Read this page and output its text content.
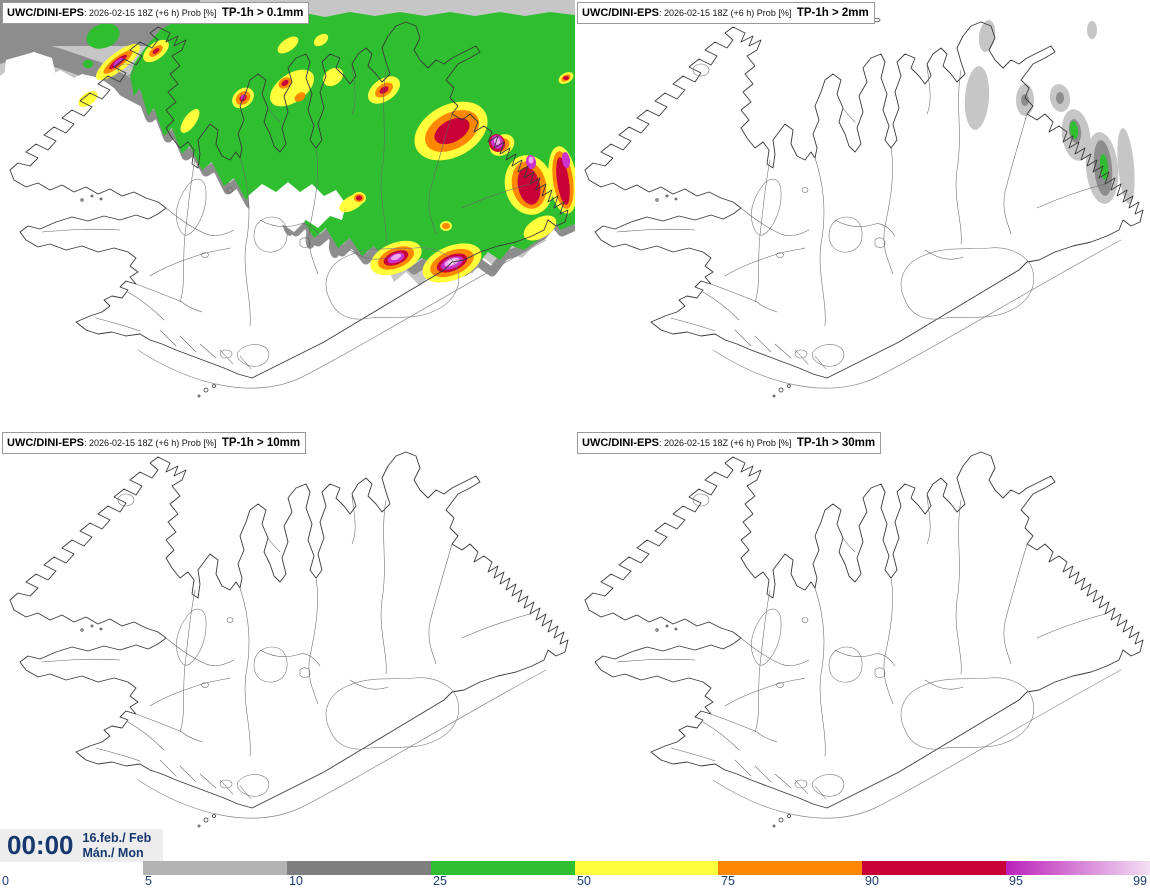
UWC/DINI-EPS: 2026-02-15 18Z (+6 h) Prob [%] TP-1h > 0.1mm	UWC/DINI-EPS: 2026-02-15 18Z (+6 h) Prob [%] TP-1h > 2mm
UWC/DINI-EPS: 2026-02-15 18Z (+6 h) Prob [%] TP-1h > 10mm	UWC/DINI-EPS: 2026-02-15 18Z (+6 h) Prob [%] TP-1h > 30mm
00:00 16.feb./ Feb
Mán./ Mon
0	5	10	25	50	75	90	95	99
